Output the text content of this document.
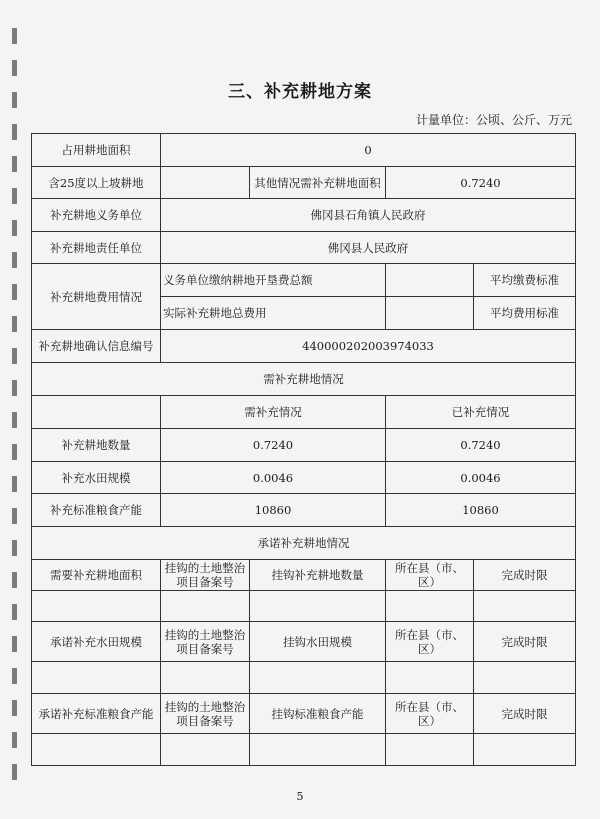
三、补充耕地方案
计量单位：公顷、公斤、万元
占用耕地面积	0			
含25度以上坡耕地		其他情况需补充耕地面积	0.7240	
补充耕地义务单位	佛冈县石角镇人民政府			
补充耕地责任单位	佛冈县人民政府			
补充耕地费用情况	义务单位缴纳耕地开垦费总额			平均缴费标准
	实际补充耕地总费用			平均费用标准
补充耕地确认信息编号	440000202003974033			
需补充耕地情况				
	需补充情况		已补充情况	
补充耕地数量	0.7240		0.7240	
补充水田规模	0.0046		0.0046	
补充标准粮食产能	10860		10860	
承诺补充耕地情况				
需要补充耕地面积	挂钩的土地整治项目备案号	挂钩补充耕地数量	所在县（市、区）	完成时限

承诺补充水田规模	挂钩的土地整治项目备案号	挂钩水田规模	所在县（市、区）	完成时限

承诺补充标准粮食产能	挂钩的土地整治项目备案号	挂钩标准粮食产能	所在县（市、区）	完成时限

5
